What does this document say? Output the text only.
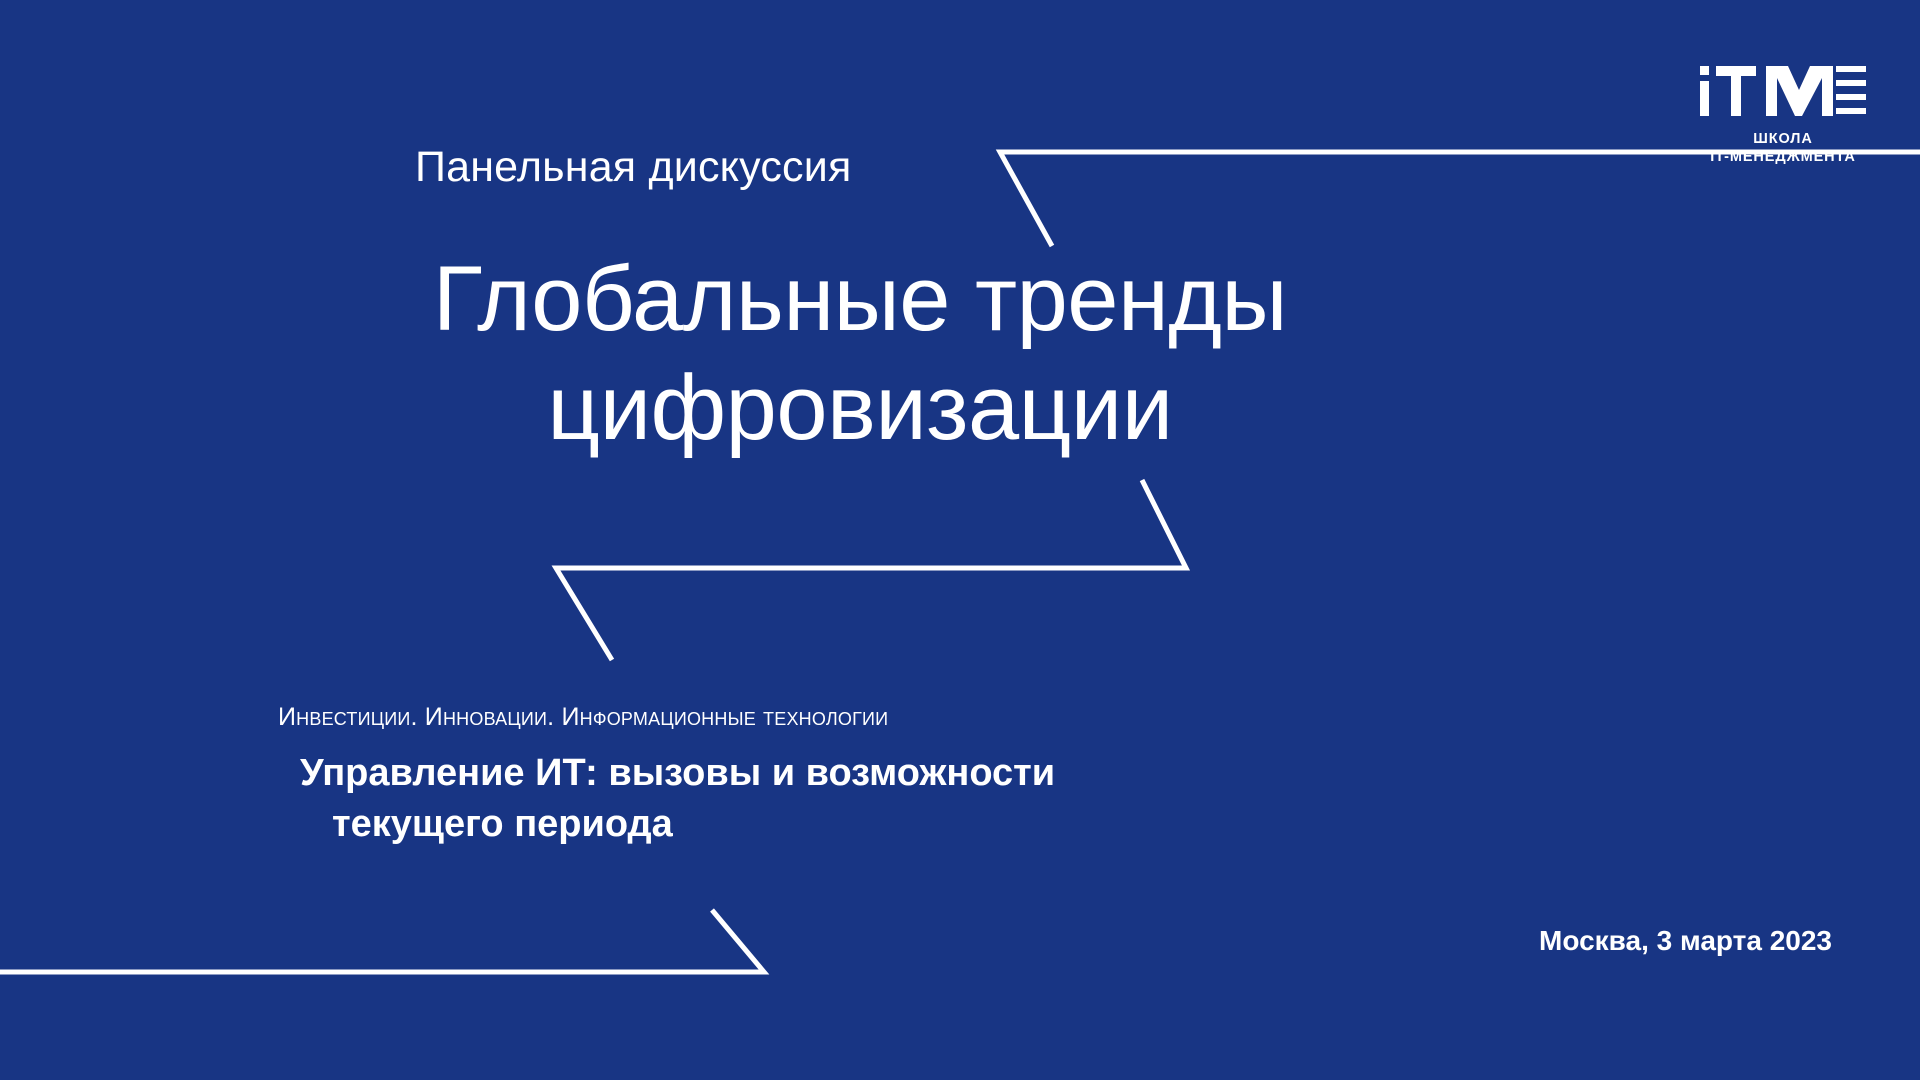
ШКОЛА
IT-МЕНЕДЖМЕНТА
Панельная дискуссия
Глобальные тренды
цифровизации
Инвестиции. Инновации. Информационные технологии
Управление ИТ: вызовы и возможности
текущего периода
Москва, 3 марта 2023
